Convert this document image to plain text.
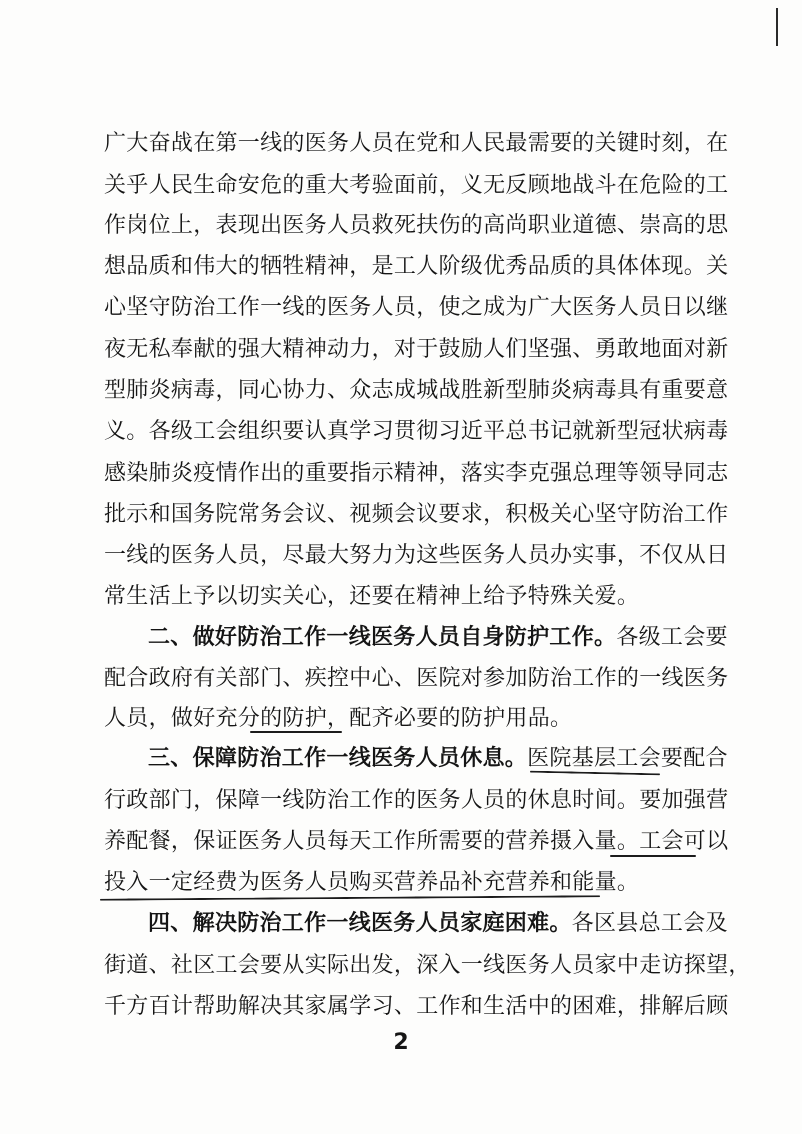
广大奋战在第一线的医务人员在党和人民最需要的关键时刻，在
关乎人民生命安危的重大考验面前，义无反顾地战斗在危险的工
作岗位上，表现出医务人员救死扶伤的高尚职业道德、崇高的思
想品质和伟大的牺牲精神，是工人阶级优秀品质的具体体现。关
心坚守防治工作一线的医务人员，使之成为广大医务人员日以继
夜无私奉献的强大精神动力，对于鼓励人们坚强、勇敢地面对新
型肺炎病毒，同心协力、众志成城战胜新型肺炎病毒具有重要意
义。各级工会组织要认真学习贯彻习近平总书记就新型冠状病毒
感染肺炎疫情作出的重要指示精神，落实李克强总理等领导同志
批示和国务院常务会议、视频会议要求，积极关心坚守防治工作
一线的医务人员，尽最大努力为这些医务人员办实事，不仅从日
常生活上予以切实关心，还要在精神上给予特殊关爱。
二、做好防治工作一线医务人员自身防护工作。各级工会要
配合政府有关部门、疾控中心、医院对参加防治工作的一线医务
人员，做好充分的防护，配齐必要的防护用品。
三、保障防治工作一线医务人员休息。医院基层工会要配合
行政部门，保障一线防治工作的医务人员的休息时间。要加强营
养配餐，保证医务人员每天工作所需要的营养摄入量。工会可以
投入一定经费为医务人员购买营养品补充营养和能量。
四、解决防治工作一线医务人员家庭困难。各区县总工会及
街道、社区工会要从实际出发，深入一线医务人员家中走访探望，
千方百计帮助解决其家属学习、工作和生活中的困难，排解后顾
2
